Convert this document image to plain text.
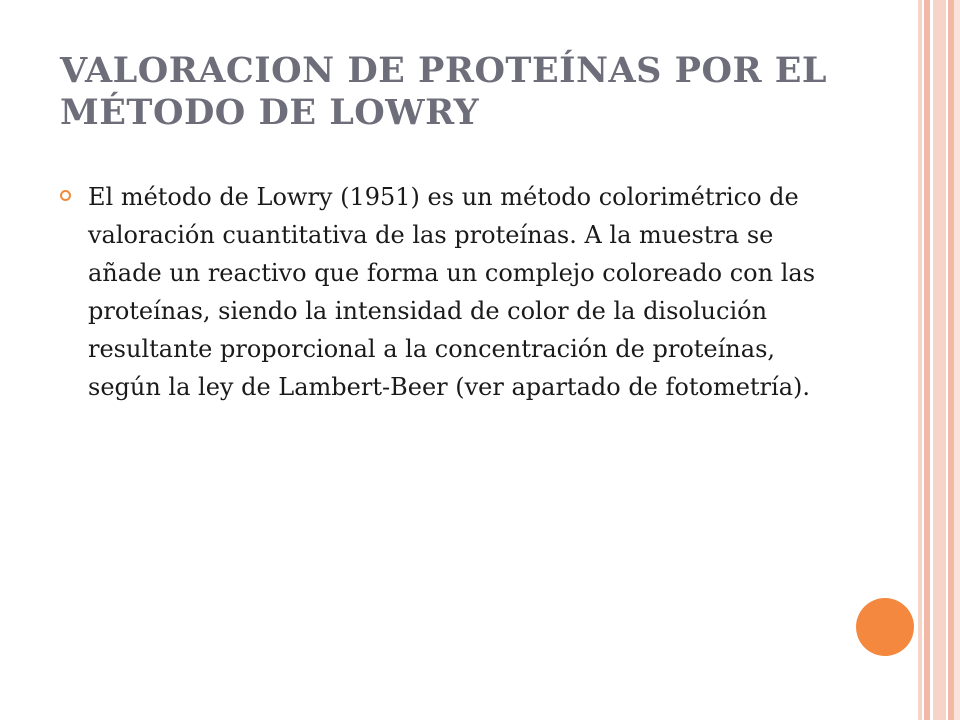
VALORACION DE PROTEÍNAS POR EL MÉTODO DE LOWRY
El método de Lowry (1951) es un método colorimétrico de valoración cuantitativa de las proteínas. A la muestra se añade un reactivo que forma un complejo coloreado con las proteínas, siendo la intensidad de color de la disolución resultante proporcional a la concentración de proteínas, según la ley de Lambert-Beer (ver apartado de fotometría).
